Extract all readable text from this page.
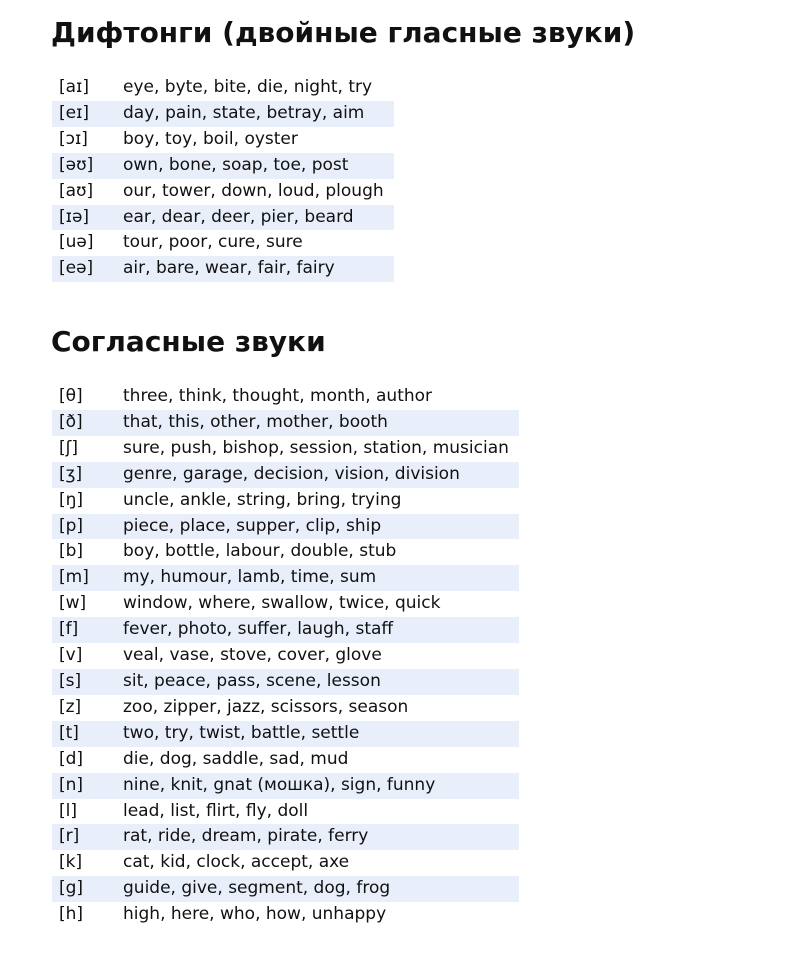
Дифтонги (двойные гласные звуки)
[aɪ]	eye, byte, bite, die, night, try
[eɪ]	day, pain, state, betray, aim
[ɔɪ]	boy, toy, boil, oyster
[əʊ]	own, bone, soap, toe, post
[aʊ]	our, tower, down, loud, plough
[ɪə]	ear, dear, deer, pier, beard
[uə]	tour, poor, cure, sure
[eə]	air, bare, wear, fair, fairy
Согласные звуки
[θ]	three, think, thought, month, author
[ð]	that, this, other, mother, booth
[ʃ]	sure, push, bishop, session, station, musician
[ʒ]	genre, garage, decision, vision, division
[ŋ]	uncle, ankle, string, bring, trying
[p]	piece, place, supper, clip, ship
[b]	boy, bottle, labour, double, stub
[m]	my, humour, lamb, time, sum
[w]	window, where, swallow, twice, quick
[f]	fever, photo, suffer, laugh, staff
[v]	veal, vase, stove, cover, glove
[s]	sit, peace, pass, scene, lesson
[z]	zoo, zipper, jazz, scissors, season
[t]	two, try, twist, battle, settle
[d]	die, dog, saddle, sad, mud
[n]	nine, knit, gnat (мошка), sign, funny
[l]	lead, list, flirt, fly, doll
[r]	rat, ride, dream, pirate, ferry
[k]	cat, kid, clock, accept, axe
[g]	guide, give, segment, dog, frog
[h]	high, here, who, how, unhappy
